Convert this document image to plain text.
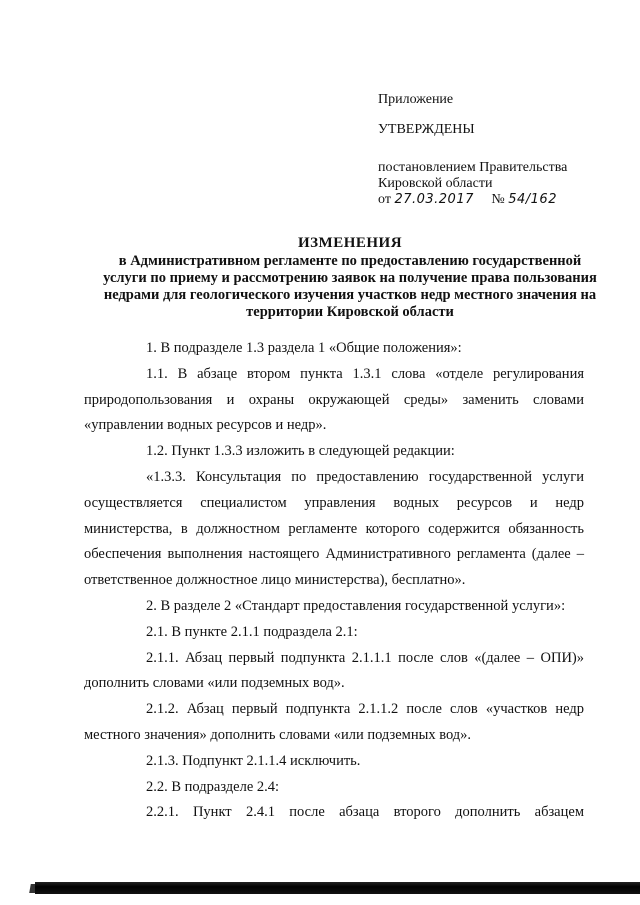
Приложение
УТВЕРЖДЕНЫ
постановлением Правительства
Кировской области
от 27.03.2017 № 54/162
ИЗМЕНЕНИЯ
в Административном регламенте по предоставлению государственной услуги по приему и рассмотрению заявок на получение права пользования недрами для геологического изучения участков недр местного значения на территории Кировской области

1. В подразделе 1.3 раздела 1 «Общие положения»:

1.1. В абзаце втором пункта 1.3.1 слова «отделе регулирования природопользования и охраны окружающей среды» заменить словами «управлении водных ресурсов и недр».

1.2. Пункт 1.3.3 изложить в следующей редакции:

«1.3.3. Консультация по предоставлению государственной услуги осуществляется специалистом управления водных ресурсов и недр министерства, в должностном регламенте которого содержится обязанность обеспечения выполнения настоящего Административного регламента (далее – ответственное должностное лицо министерства), бесплатно».

2. В разделе 2 «Стандарт предоставления государственной услуги»:

2.1. В пункте 2.1.1 подраздела 2.1:

2.1.1. Абзац первый подпункта 2.1.1.1 после слов «(далее – ОПИ)» дополнить словами «или подземных вод».

2.1.2. Абзац первый подпункта 2.1.1.2 после слов «участков недр местного значения» дополнить словами «или подземных вод».

2.1.3. Подпункт 2.1.1.4 исключить.

2.2. В подразделе 2.4:

2.2.1. Пункт 2.4.1 после абзаца второго дополнить абзацем
